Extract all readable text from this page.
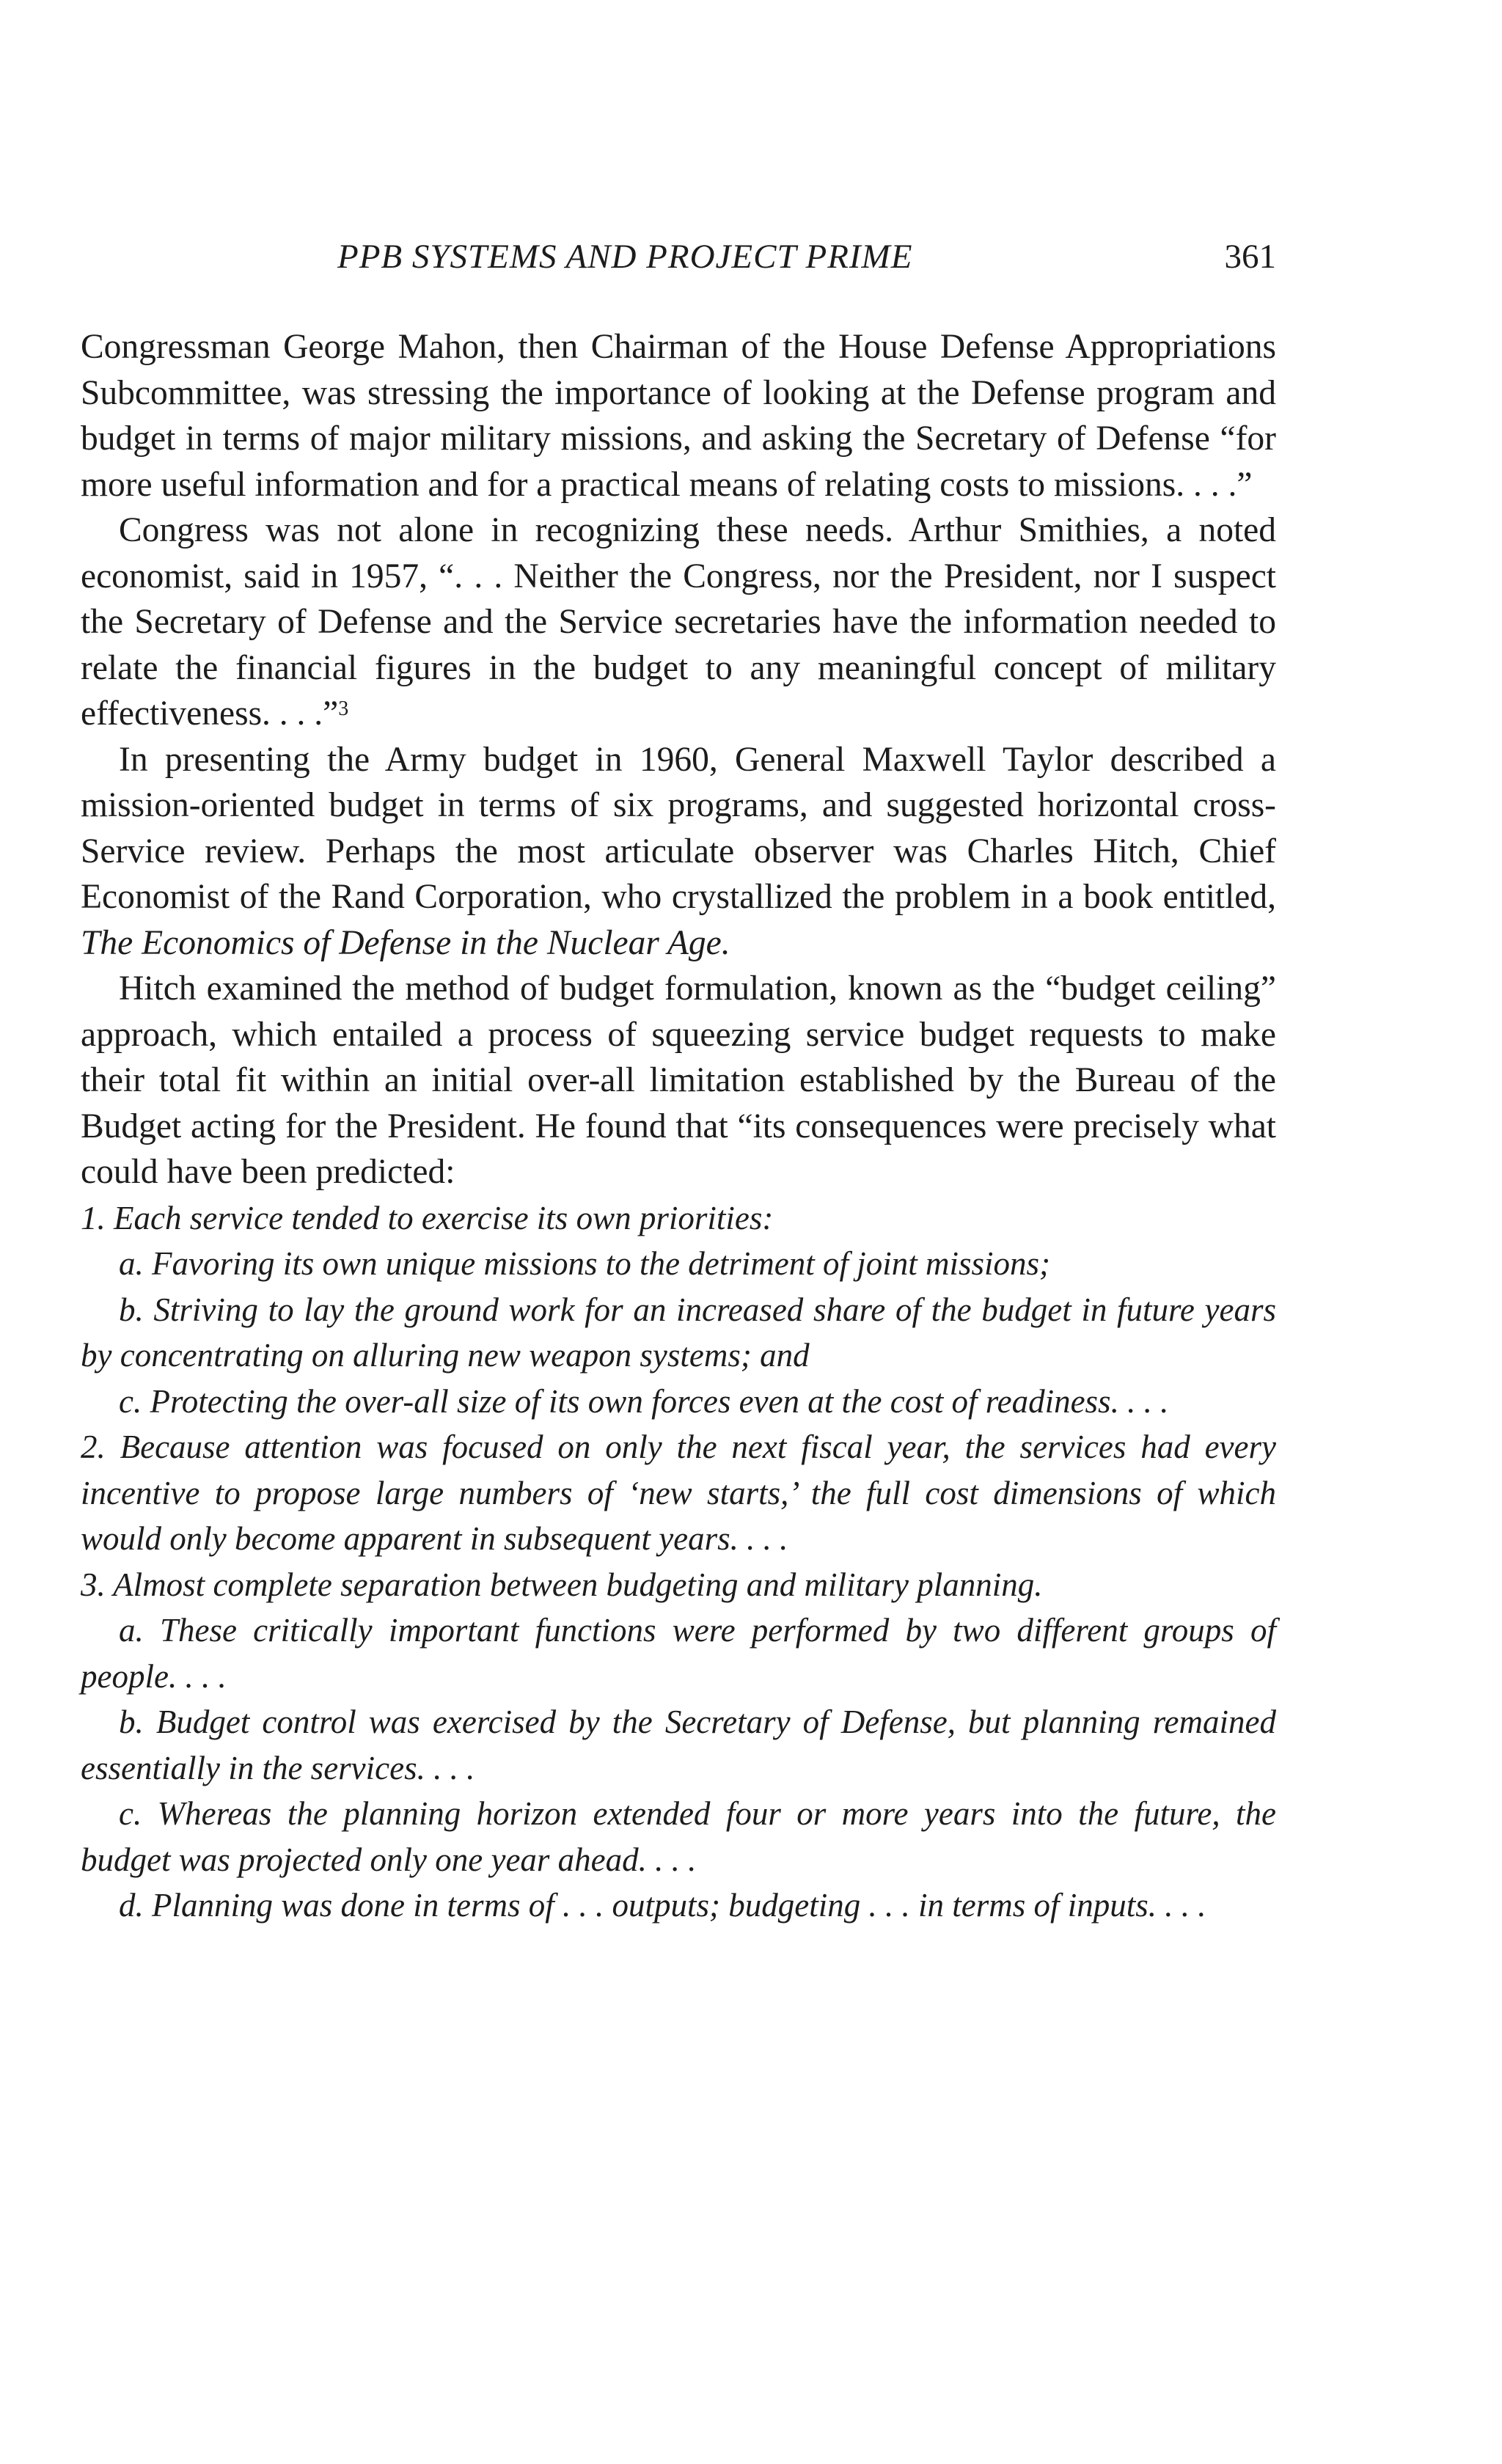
PPB SYSTEMS AND PROJECT PRIME	361

Congressman George Mahon, then Chairman of the House Defense Appropriations Subcommittee, was stressing the importance of looking at the Defense program and budget in terms of major military missions, and asking the Secretary of Defense “for more useful information and for a practical means of relating costs to missions. . . .”

Congress was not alone in recognizing these needs. Arthur Smithies, a noted economist, said in 1957, “. . . Neither the Congress, nor the President, nor I suspect the Secretary of Defense and the Service secretaries have the information needed to relate the financial figures in the budget to any meaningful concept of military effectiveness. . . .”$^3$

In presenting the Army budget in 1960, General Maxwell Taylor described a mission-oriented budget in terms of six programs, and suggested horizontal cross-Service review. Perhaps the most articulate observer was Charles Hitch, Chief Economist of the Rand Corporation, who crystallized the problem in a book entitled, The Economics of Defense in the Nuclear Age.

Hitch examined the method of budget formulation, known as the “budget ceiling” approach, which entailed a process of squeezing service budget requests to make their total fit within an initial over-all limitation established by the Bureau of the Budget acting for the President. He found that “its consequences were precisely what could have been predicted:

1. Each service tended to exercise its own priorities:

a. Favoring its own unique missions to the detriment of joint missions;

b. Striving to lay the ground work for an increased share of the budget in future years by concentrating on alluring new weapon systems; and

c. Protecting the over-all size of its own forces even at the cost of readiness. . . .

2. Because attention was focused on only the next fiscal year, the services had every incentive to propose large numbers of ‘new starts,’ the full cost dimensions of which would only become apparent in subsequent years. . . .

3. Almost complete separation between budgeting and military planning.

a. These critically important functions were performed by two different groups of people. . . .

b. Budget control was exercised by the Secretary of Defense, but planning remained essentially in the services. . . .

c. Whereas the planning horizon extended four or more years into the future, the budget was projected only one year ahead. . . .

d. Planning was done in terms of . . . outputs; budgeting . . . in terms of inputs. . . .
